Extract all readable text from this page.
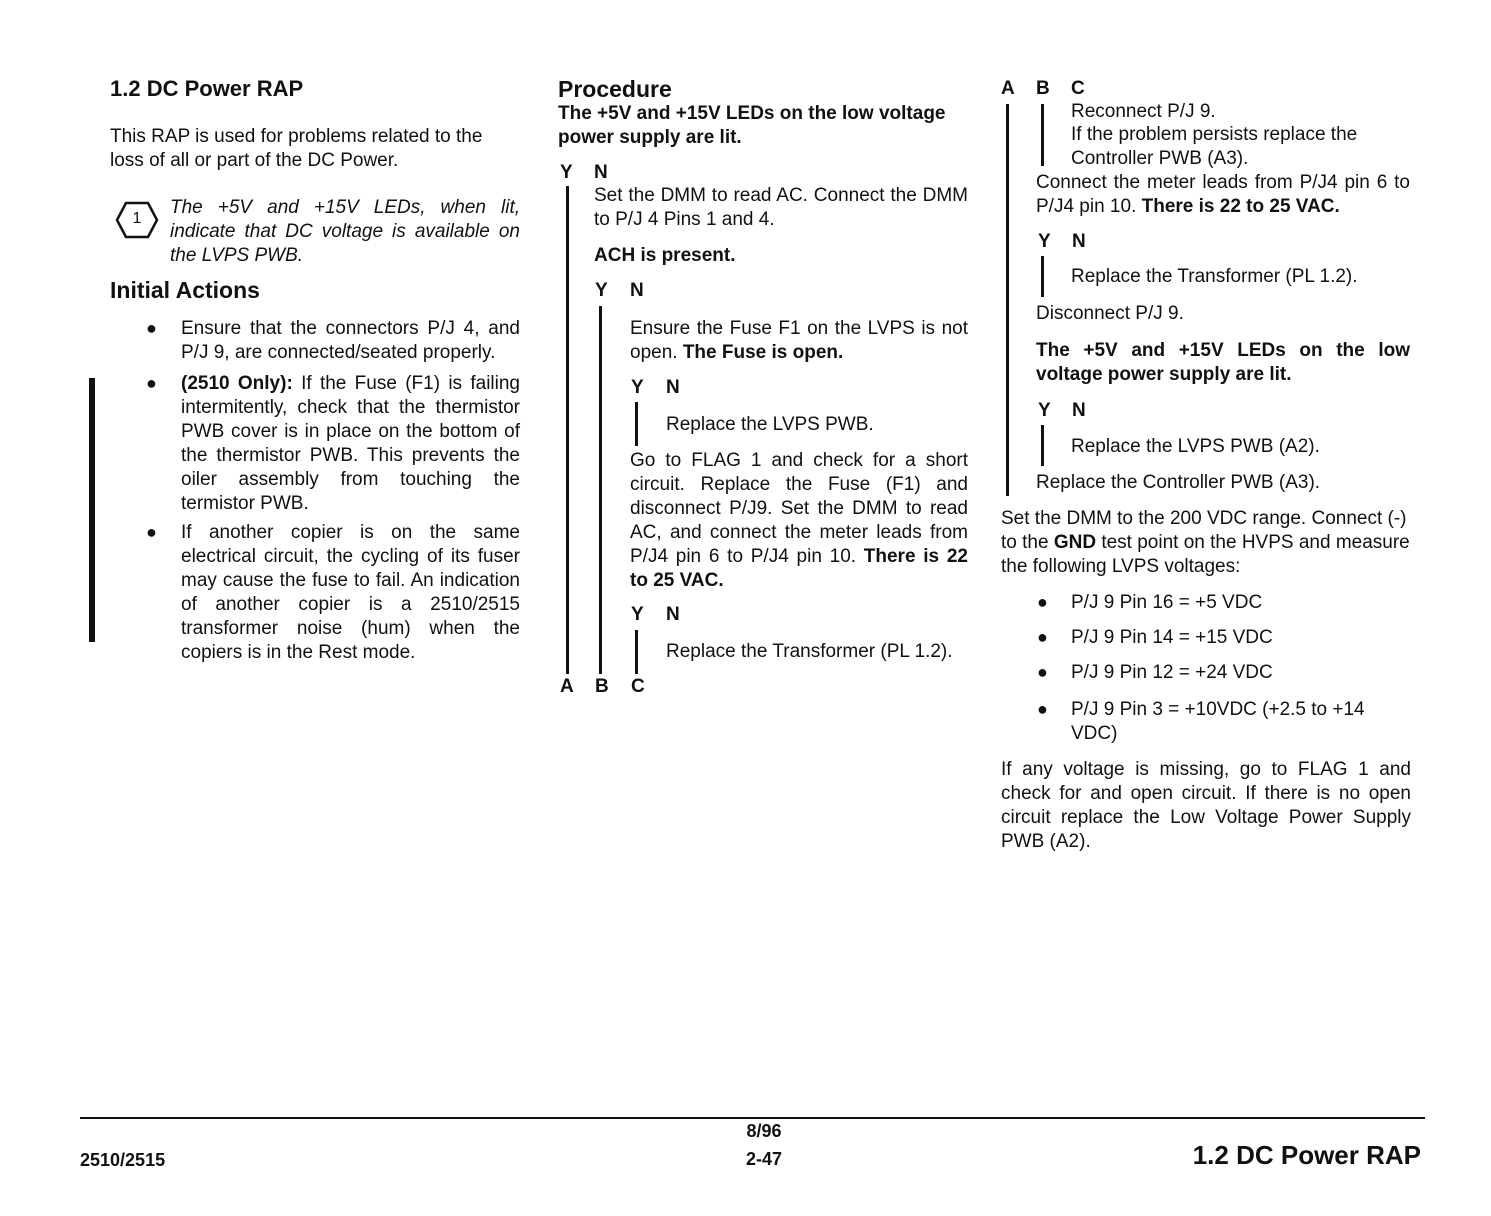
1.2 DC Power RAP
This RAP is used for problems related to the loss of all or part of the DC Power.
1
The +5V and +15V LEDs, when lit, indicate that DC voltage is available on the LVPS PWB.
Initial Actions
● Ensure that the connectors P/J 4, and P/J 9, are connected/seated properly.
● (2510 Only): If the Fuse (F1) is failing intermitently, check that the thermistor PWB cover is in place on the bottom of the thermistor PWB. This prevents the oiler assembly from touching the termistor PWB.
● If another copier is on the same electrical circuit, the cycling of its fuser may cause the fuse to fail. An indication of another copier is a 2510/2515 transformer noise (hum) when the copiers is in the Rest mode.
Procedure
The +5V and +15V LEDs on the low voltage power supply are lit.
Y N
Set the DMM to read AC. Connect the DMM to P/J 4 Pins 1 and 4.
ACH is present.
Y N
Ensure the Fuse F1 on the LVPS is not open. The Fuse is open.
Y N
Replace the LVPS PWB.
Go to FLAG 1 and check for a short circuit. Replace the Fuse (F1) and disconnect P/J9. Set the DMM to read AC, and connect the meter leads from P/J4 pin 6 to P/J4 pin 10. There is 22 to 25 VAC.
Y N
Replace the Transformer (PL 1.2).
A B C
A B C
Reconnect P/J 9.
If the problem persists replace the Controller PWB (A3).
Connect the meter leads from P/J4 pin 6 to P/J4 pin 10. There is 22 to 25 VAC.
Y N
Replace the Transformer (PL 1.2).
Disconnect P/J 9.
The +5V and +15V LEDs on the low voltage power supply are lit.
Y N
Replace the LVPS PWB (A2).
Replace the Controller PWB (A3).
Set the DMM to the 200 VDC range. Connect (-) to the GND test point on the HVPS and measure the following LVPS voltages:
● P/J 9 Pin 16 = +5 VDC
● P/J 9 Pin 14 = +15 VDC
● P/J 9 Pin 12 = +24 VDC
● P/J 9 Pin 3 = +10VDC (+2.5 to +14 VDC)
If any voltage is missing, go to FLAG 1 and check for and open circuit. If there is no open circuit replace the Low Voltage Power Supply PWB (A2).
2510/2515
8/96
2-47	1.2 DC Power RAP
